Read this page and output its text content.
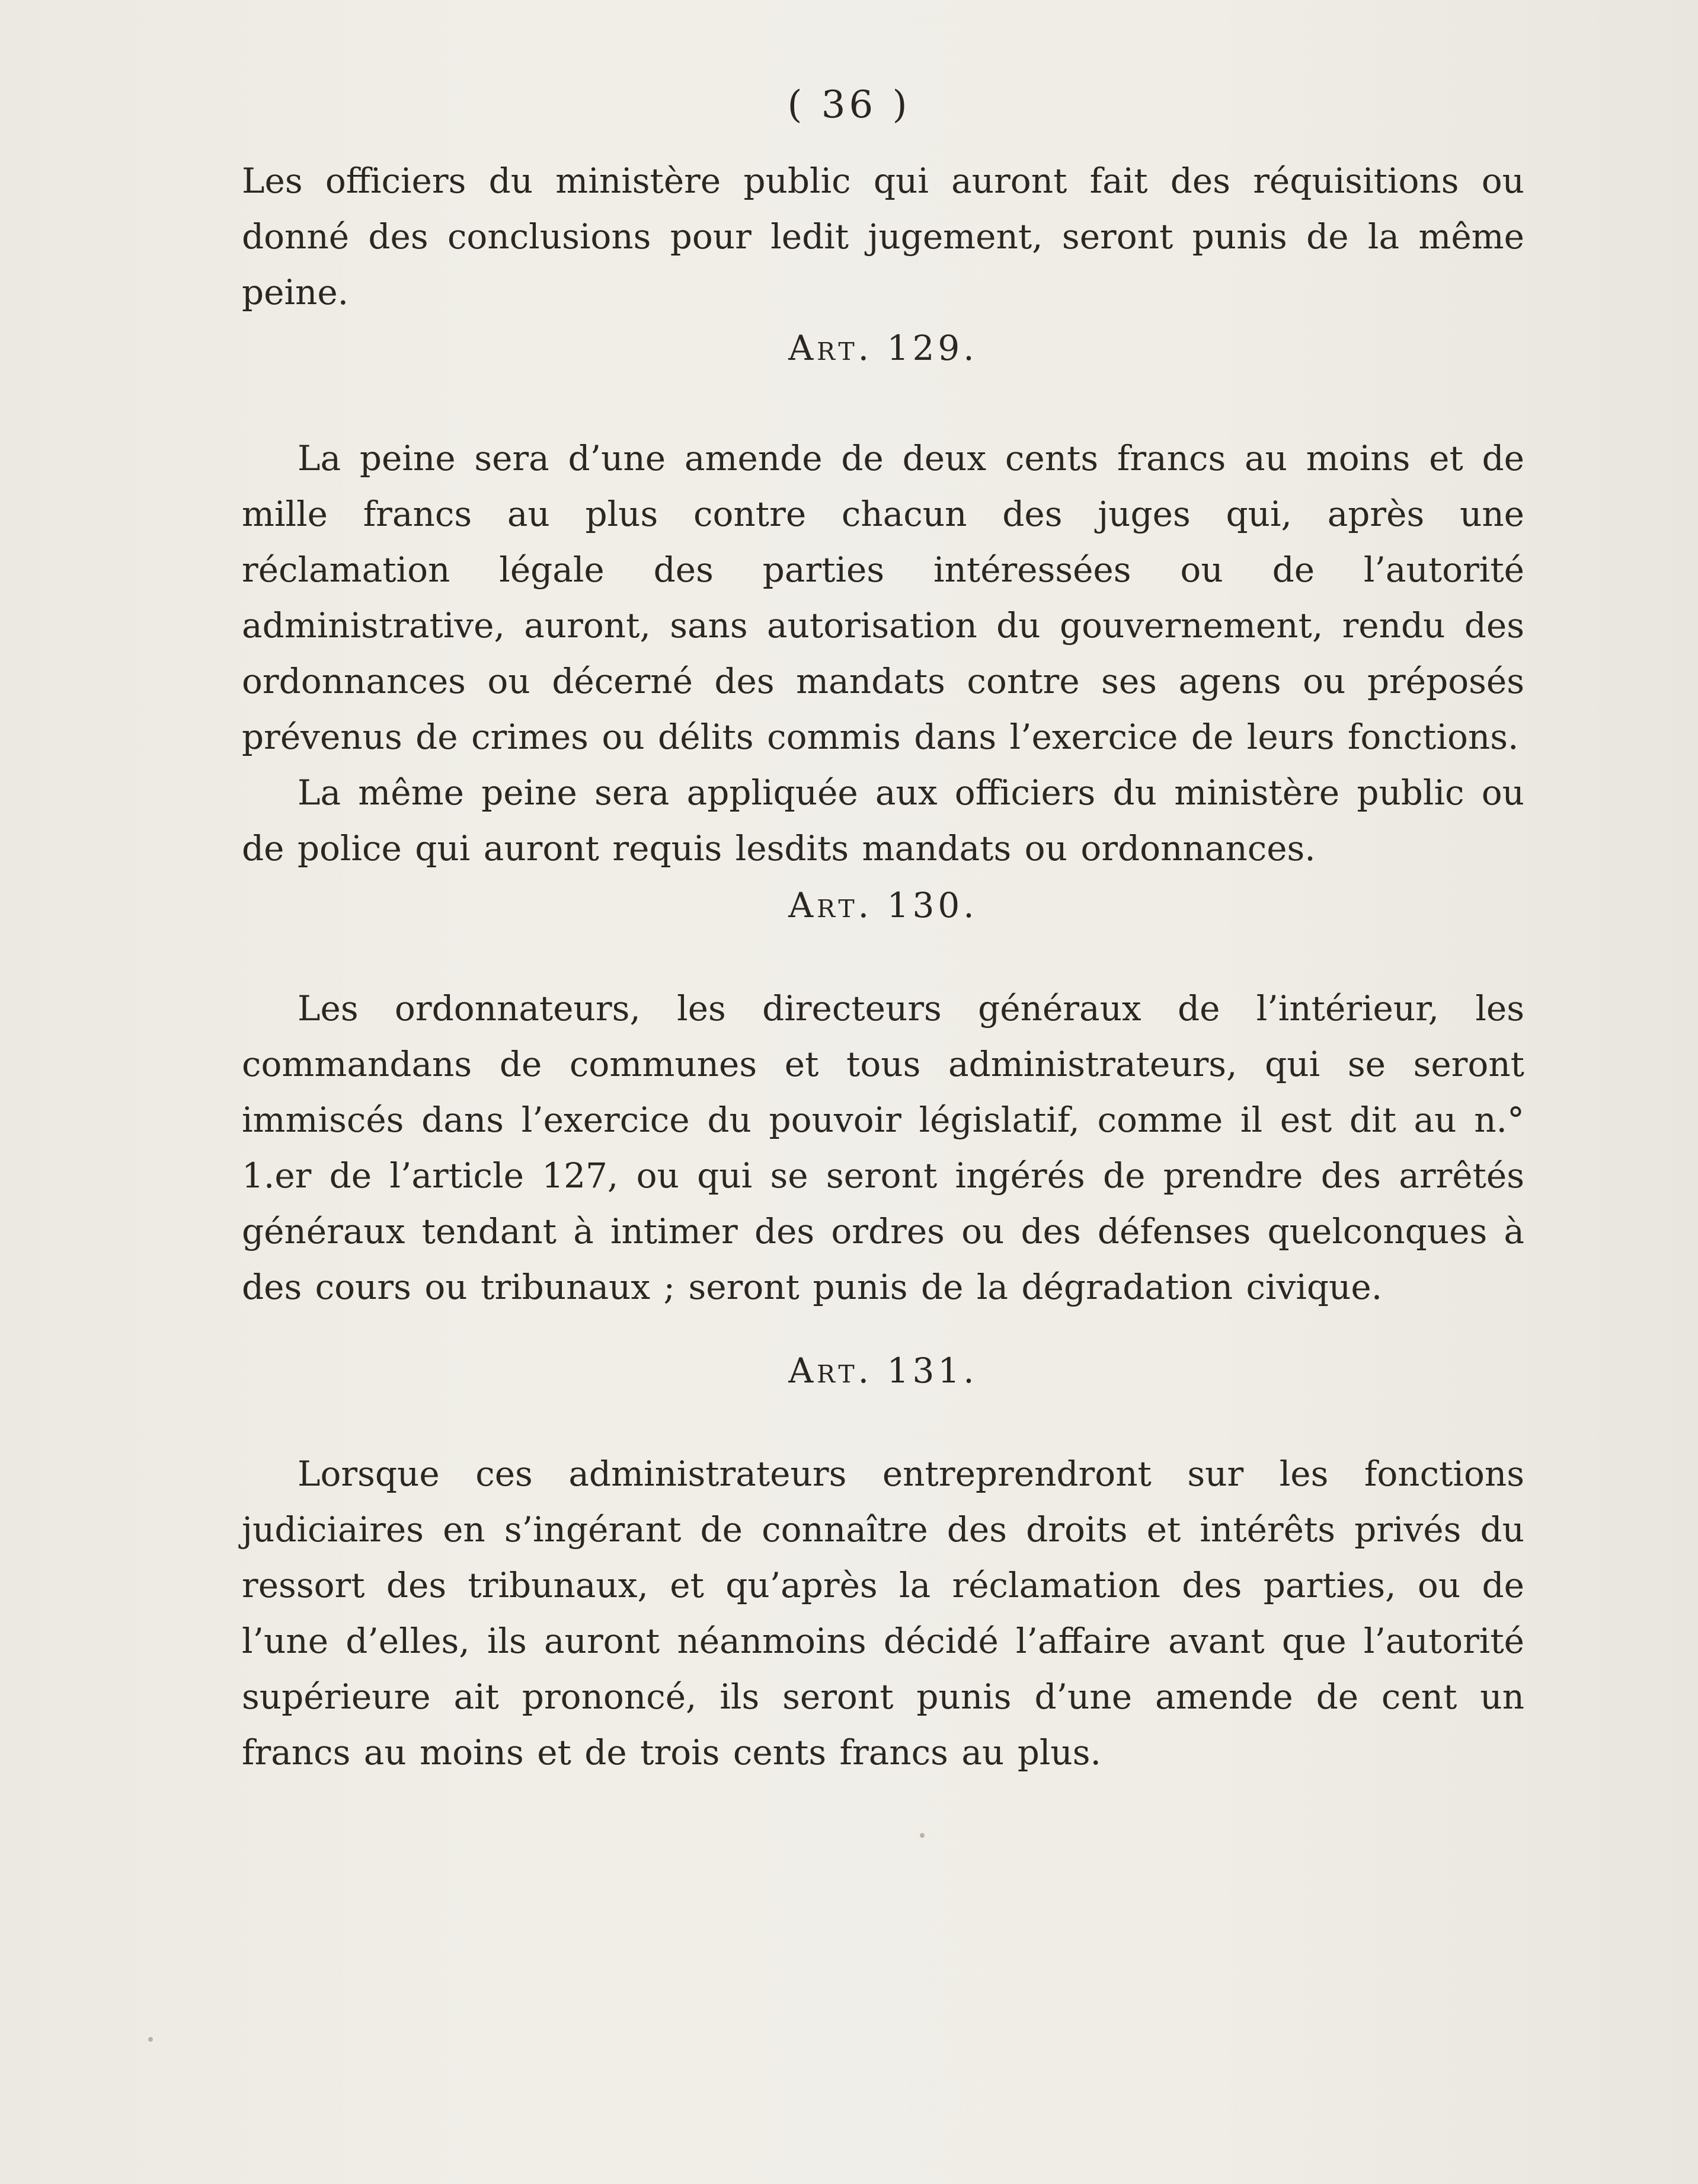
( 36 )

Les officiers du ministère public qui auront fait des réquisitions ou donné des conclusions pour ledit jugement, seront punis de la même peine.

Art. 129.

La peine sera d’une amende de deux cents francs au moins et de mille francs au plus contre chacun des juges qui, après une réclamation légale des parties intéressées ou de l’autorité administrative, auront, sans autorisation du gouvernement, rendu des ordonnances ou décerné des mandats contre ses agens ou préposés prévenus de crimes ou délits commis dans l’exercice de leurs fonctions.

La même peine sera appliquée aux officiers du ministère public ou de police qui auront requis lesdits mandats ou ordonnances.

Art. 130.

Les ordonnateurs, les directeurs généraux de l’intérieur, les commandans de communes et tous administrateurs, qui se seront immiscés dans l’exercice du pouvoir législatif, comme il est dit au n.° 1.er de l’article 127, ou qui se seront ingérés de prendre des arrêtés généraux tendant à intimer des ordres ou des défenses quelconques à des cours ou tribunaux ; seront punis de la dégradation civique.

Art. 131.

Lorsque ces administrateurs entreprendront sur les fonctions judiciaires en s’ingérant de connaître des droits et intérêts privés du ressort des tribunaux, et qu’après la réclamation des parties, ou de l’une d’elles, ils auront néanmoins décidé l’affaire avant que l’autorité supérieure ait prononcé, ils seront punis d’une amende de cent un francs au moins et de trois cents francs au plus.
